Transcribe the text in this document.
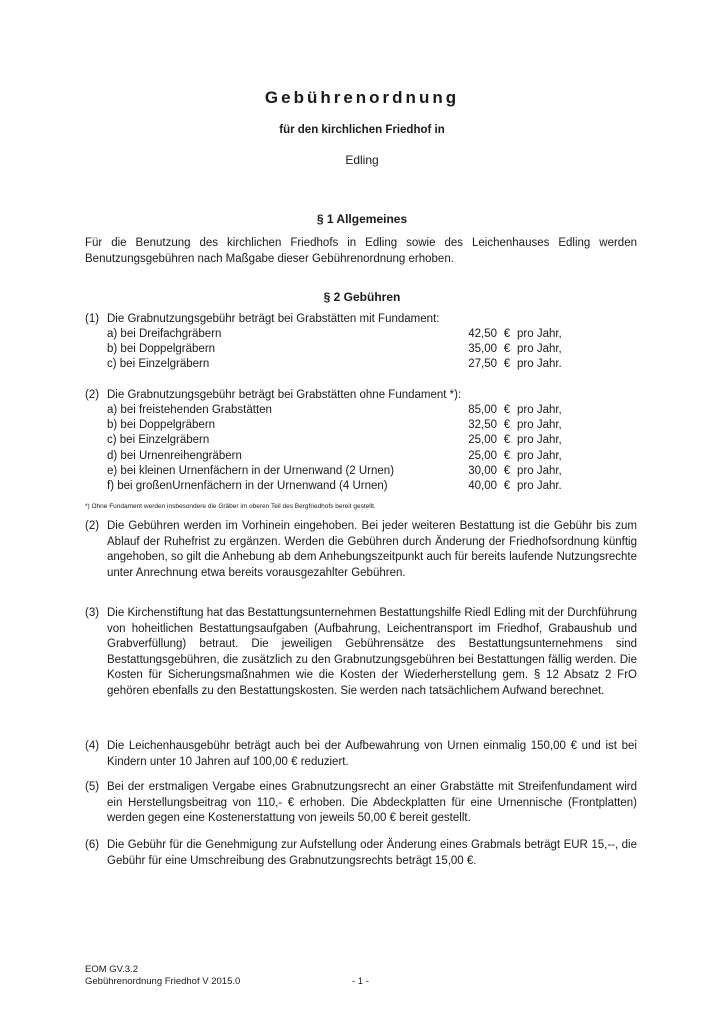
Gebührenordnung
für den kirchlichen Friedhof in
Edling
§ 1 Allgemeines
Für die Benutzung des kirchlichen Friedhofs in Edling sowie des Leichenhauses Edling werden Benutzungsgebühren nach Maßgabe dieser Gebührenordnung erhoben.
§ 2 Gebühren
(1) Die Grabnutzungsgebühr beträgt bei Grabstätten mit Fundament:
a) bei Dreifachgräbern	42,50 € pro Jahr,
b) bei Doppelgräbern	35,00 € pro Jahr,
c) bei Einzelgräbern	27,50 € pro Jahr.
(2) Die Grabnutzungsgebühr beträgt bei Grabstätten ohne Fundament *):
a) bei freistehenden Grabstätten	85,00 € pro Jahr,
b) bei Doppelgräbern	32,50 € pro Jahr,
c) bei Einzelgräbern	25,00 € pro Jahr,
d) bei Urnenreihengräbern	25,00 € pro Jahr,
e) bei kleinen Urnenfächern in der Urnenwand (2 Urnen)	30,00 € pro Jahr,
f) bei großenUrnenfächern in der Urnenwand (4 Urnen)	40,00 € pro Jahr.
*) Ohne Fundament werden insbesondere die Gräber im oberen Teil des Bergfriedhofs bereit gestellt.
(2) Die Gebühren werden im Vorhinein eingehoben. Bei jeder weiteren Bestattung ist die Gebühr bis zum Ablauf der Ruhefrist zu ergänzen. Werden die Gebühren durch Änderung der Friedhofsordnung künftig angehoben, so gilt die Anhebung ab dem Anhebungszeitpunkt auch für bereits laufende Nutzungsrechte unter Anrechnung etwa bereits vorausgezahlter Gebühren.
(3) Die Kirchenstiftung hat das Bestattungsunternehmen Bestattungshilfe Riedl Edling mit der Durchführung von hoheitlichen Bestattungsaufgaben (Aufbahrung, Leichentransport im Friedhof, Grabaushub und Grabverfüllung) betraut. Die jeweiligen Gebührensätze des Bestattungsunternehmens sind Bestattungsgebühren, die zusätzlich zu den Grabnutzungsgebühren bei Bestattungen fällig werden. Die Kosten für Sicherungsmaßnahmen wie die Kosten der Wiederherstellung gem. § 12 Absatz 2 FrO gehören ebenfalls zu den Bestattungskosten. Sie werden nach tatsächlichem Aufwand berechnet.
(4) Die Leichenhausgebühr beträgt auch bei der Aufbewahrung von Urnen einmalig 150,00 € und ist bei Kindern unter 10 Jahren auf 100,00 € reduziert.
(5) Bei der erstmaligen Vergabe eines Grabnutzungsrecht an einer Grabstätte mit Streifenfundament wird ein Herstellungsbeitrag von 110,- € erhoben. Die Abdeckplatten für eine Urnennische (Frontplatten) werden gegen eine Kostenerstattung von jeweils 50,00 € bereit gestellt.
(6) Die Gebühr für die Genehmigung zur Aufstellung oder Änderung eines Grabmals beträgt EUR 15,--, die Gebühr für eine Umschreibung des Grabnutzungsrechts beträgt 15,00 €.
EOM GV.3.2
Gebührenordnung Friedhof V 2015.0	- 1 -
